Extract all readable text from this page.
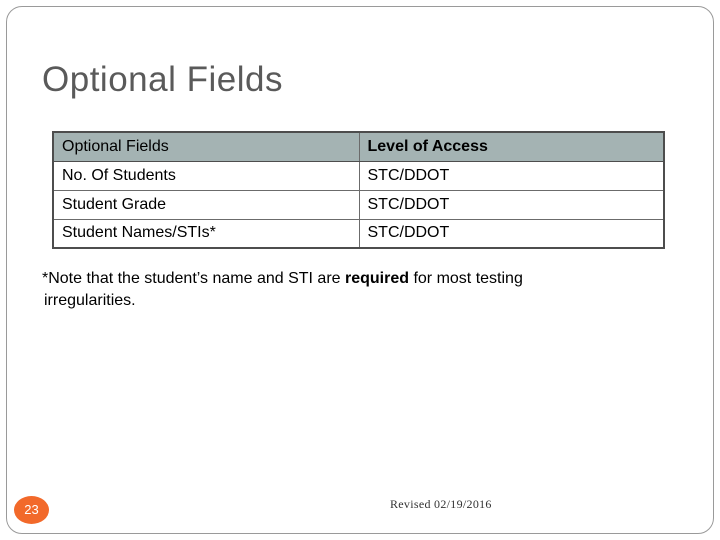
Optional Fields
Optional Fields	Level of Access
No. Of Students	STC/DDOT
Student Grade	STC/DDOT
Student Names/STIs*	STC/DDOT
*Note that the student’s name and STI are required for most testing
irregularities.
23	Revised 02/19/2016
